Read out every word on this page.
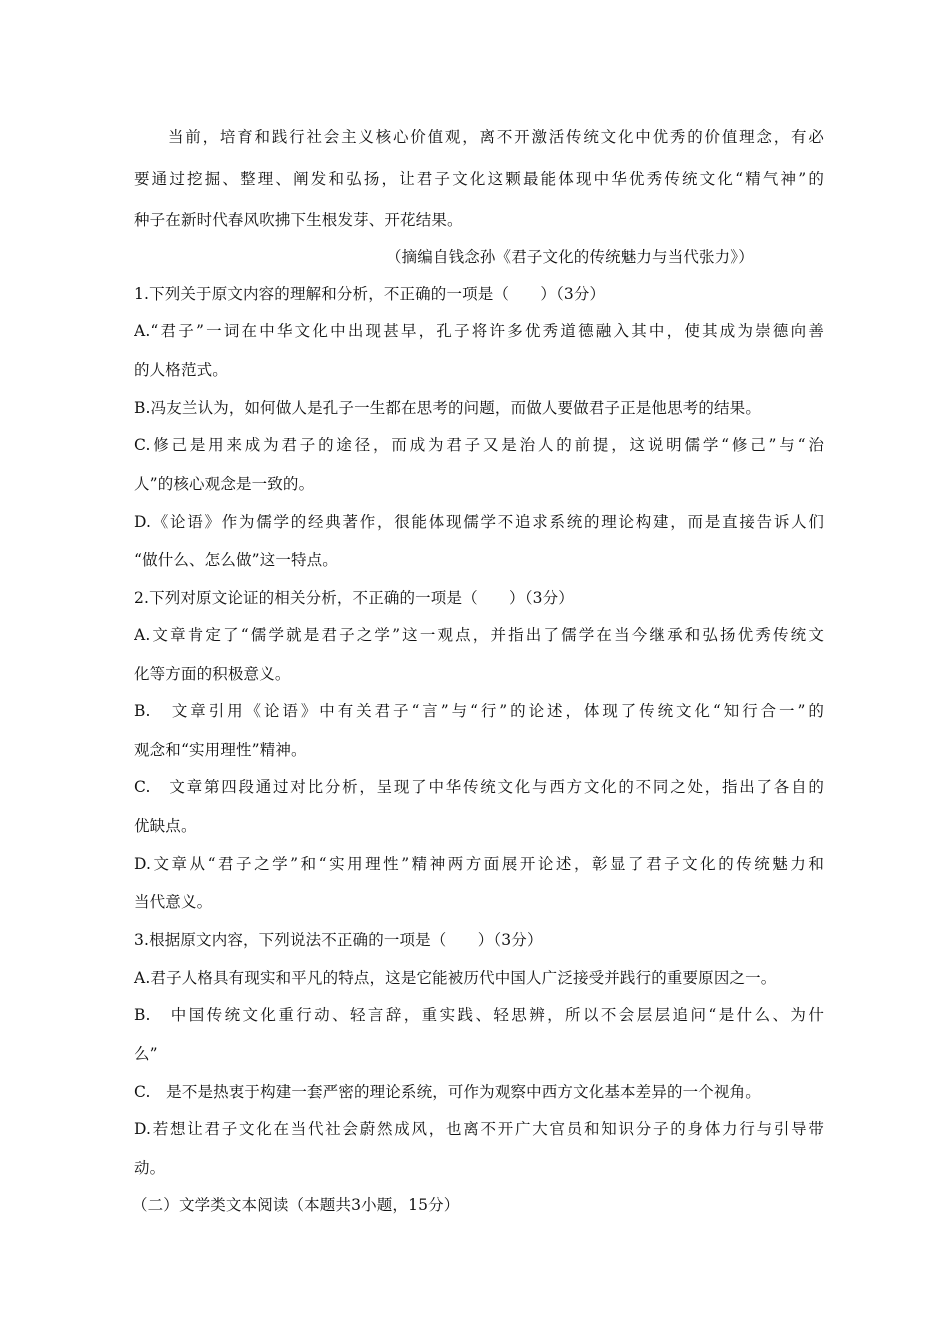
当前，培育和践行社会主义核心价值观，离不开激活传统文化中优秀的价值理念，有必
要通过挖掘、整理、阐发和弘扬，让君子文化这颗最能体现中华优秀传统文化“精气神”的
种子在新时代春风吹拂下生根发芽、开花结果。
（摘编自钱念孙《君子文化的传统魅力与当代张力》）
1.下列关于原文内容的理解和分析，不正确的一项是（　　）（3分）
A.“君子”一词在中华文化中出现甚早，孔子将许多优秀道德融入其中，使其成为崇德向善
的人格范式。
B.冯友兰认为，如何做人是孔子一生都在思考的问题，而做人要做君子正是他思考的结果。
C.修己是用来成为君子的途径，而成为君子又是治人的前提，这说明儒学“修己”与“治
人”的核心观念是一致的。
D.《论语》作为儒学的经典著作，很能体现儒学不追求系统的理论构建，而是直接告诉人们
“做什么、怎么做”这一特点。
2.下列对原文论证的相关分析，不正确的一项是（　　）（3分）
A.文章肯定了“儒学就是君子之学”这一观点，并指出了儒学在当今继承和弘扬优秀传统文
化等方面的积极意义。
B.　文章引用《论语》中有关君子“言”与“行”的论述，体现了传统文化“知行合一”的
观念和“实用理性”精神。
C.　文章第四段通过对比分析，呈现了中华传统文化与西方文化的不同之处，指出了各自的
优缺点。
D.文章从“君子之学”和“实用理性”精神两方面展开论述，彰显了君子文化的传统魅力和
当代意义。
3.根据原文内容，下列说法不正确的一项是（　　）（3分）
A.君子人格具有现实和平凡的特点，这是它能被历代中国人广泛接受并践行的重要原因之一。
B.　中国传统文化重行动、轻言辞，重实践、轻思辨，所以不会层层追问“是什么、为什
么”
C.　是不是热衷于构建一套严密的理论系统，可作为观察中西方文化基本差异的一个视角。
D.若想让君子文化在当代社会蔚然成风，也离不开广大官员和知识分子的身体力行与引导带
动。
（二）文学类文本阅读（本题共3小题，15分）
